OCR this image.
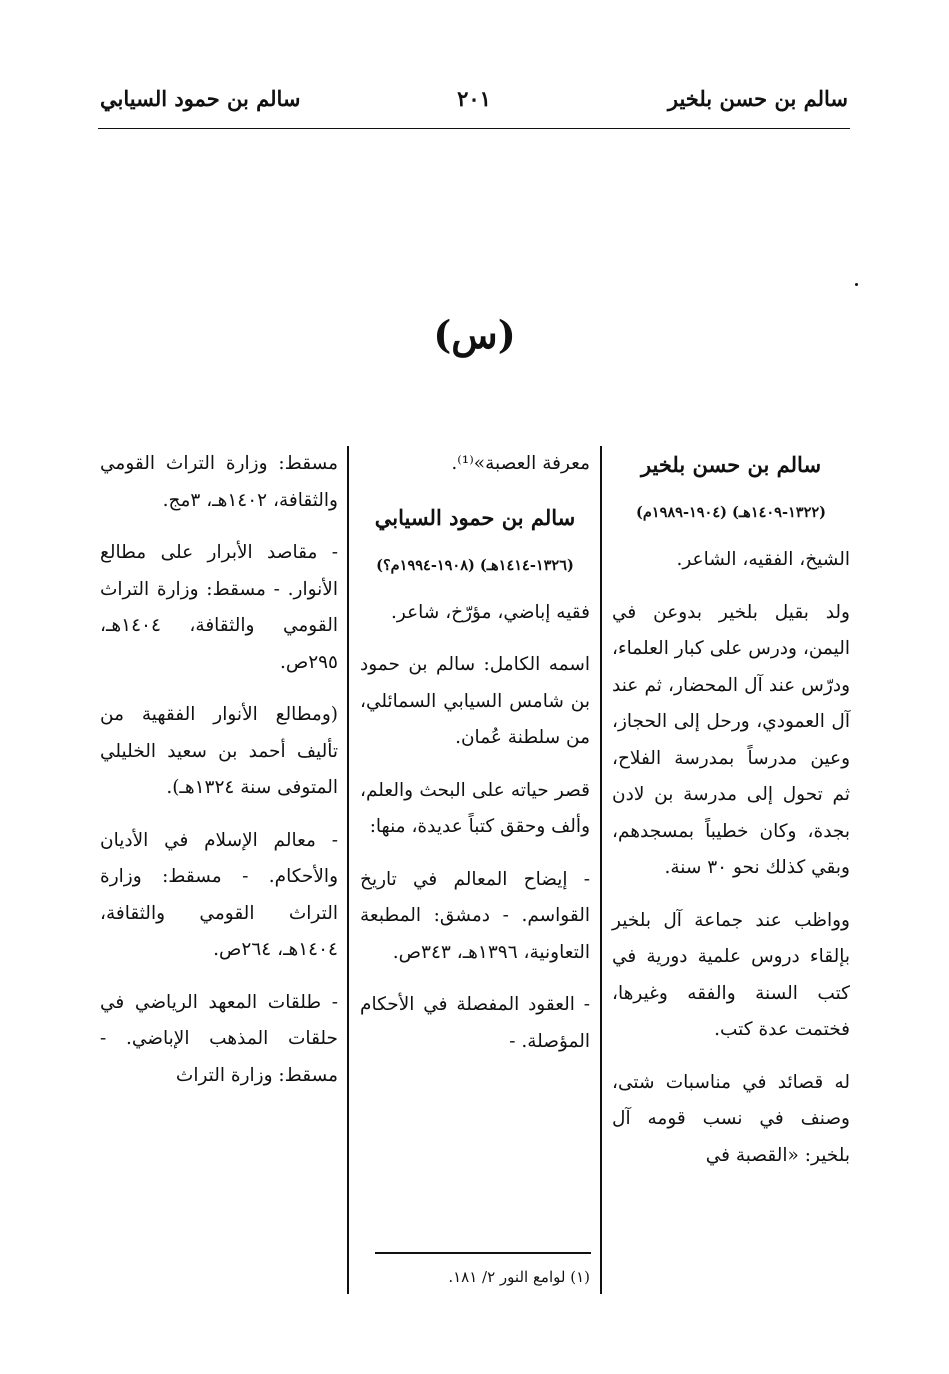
سالم بن حسن بلخير
٢٠١
سالم بن حمود السيابي
(س)

سالم بن حسن بلخير

(١٣٢٢-١٤٠٩هـ) (١٩٠٤-١٩٨٩م)

الشيخ، الفقيه، الشاعر.

ولد بقيل بلخير بدوعن في اليمن، ودرس على كبار العلماء، ودرّس عند آل المحضار، ثم عند آل العمودي، ورحل إلى الحجاز، وعين مدرساً بمدرسة الفلاح، ثم تحول إلى مدرسة بن لادن بجدة، وكان خطيباً بمسجدهم، وبقي كذلك نحو ٣٠ سنة.

وواظب عند جماعة آل بلخير بإلقاء دروس علمية دورية في كتب السنة والفقه وغيرها، فختمت عدة كتب.

له قصائد في مناسبات شتى، وصنف في نسب قومه آل بلخير: «القصبة في

معرفة العصبة»⁽¹⁾.

سالم بن حمود السيابي

(١٣٢٦-١٤١٤هـ) (١٩٠٨-١٩٩٤م؟)

فقيه إباضي، مؤرّخ، شاعر.

اسمه الكامل: سالم بن حمود بن شامس السيابي السمائلي، من سلطنة عُمان.

قصر حياته على البحث والعلم، وألف وحقق كتباً عديدة، منها:

- إيضاح المعالم في تاريخ القواسم. - دمشق: المطبعة التعاونية، ١٣٩٦هـ، ٣٤٣ص.

- العقود المفصلة في الأحكام المؤصلة. -

مسقط: وزارة التراث القومي والثقافة، ١٤٠٢هـ، ٣مج.

- مقاصد الأبرار على مطالع الأنوار. - مسقط: وزارة التراث القومي والثقافة، ١٤٠٤هـ، ٢٩٥ص.

(ومطالع الأنوار الفقهية من تأليف أحمد بن سعيد الخليلي المتوفى سنة ١٣٢٤هـ).

- معالم الإسلام في الأديان والأحكام. - مسقط: وزارة التراث القومي والثقافة، ١٤٠٤هـ، ٢٦٤ص.

- طلقات المعهد الرياضي في حلقات المذهب الإباضي. - مسقط: وزارة التراث

(١) لوامع النور ٢/ ١٨١.
